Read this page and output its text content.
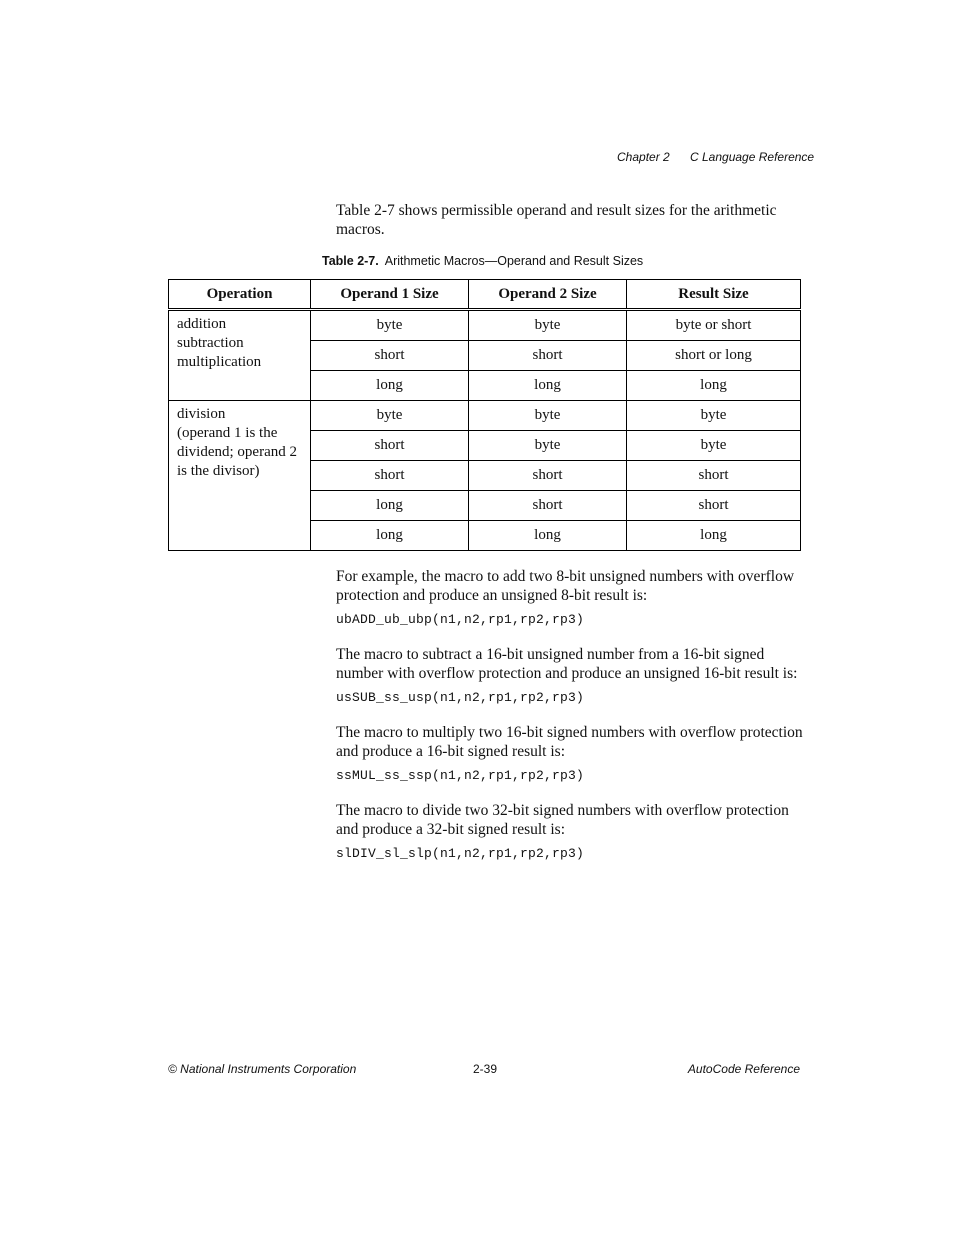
Chapter 2 C Language Reference
Table 2-7 shows permissible operand and result sizes for the arithmetic macros.
Table 2-7. Arithmetic Macros—Operand and Result Sizes
Operation	Operand 1 Size	Operand 2 Size	Result Size

addition
subtraction
multiplication	byte	byte	byte or short
	short	short	short or long
	long	long	long

division
(operand 1 is the
dividend; operand 2
is the divisor)	byte	byte	byte
	short	byte	byte
	short	short	short
	long	short	short
	long	long	long
For example, the macro to add two 8-bit unsigned numbers with overflow protection and produce an unsigned 8-bit result is:
ubADD_ub_ubp(n1,n2,rp1,rp2,rp3)
The macro to subtract a 16-bit unsigned number from a 16-bit signed number with overflow protection and produce an unsigned 16-bit result is:
usSUB_ss_usp(n1,n2,rp1,rp2,rp3)
The macro to multiply two 16-bit signed numbers with overflow protection and produce a 16-bit signed result is:
ssMUL_ss_ssp(n1,n2,rp1,rp2,rp3)
The macro to divide two 32-bit signed numbers with overflow protection and produce a 32-bit signed result is:
slDIV_sl_slp(n1,n2,rp1,rp2,rp3)
© National Instruments Corporation	2-39	AutoCode Reference
